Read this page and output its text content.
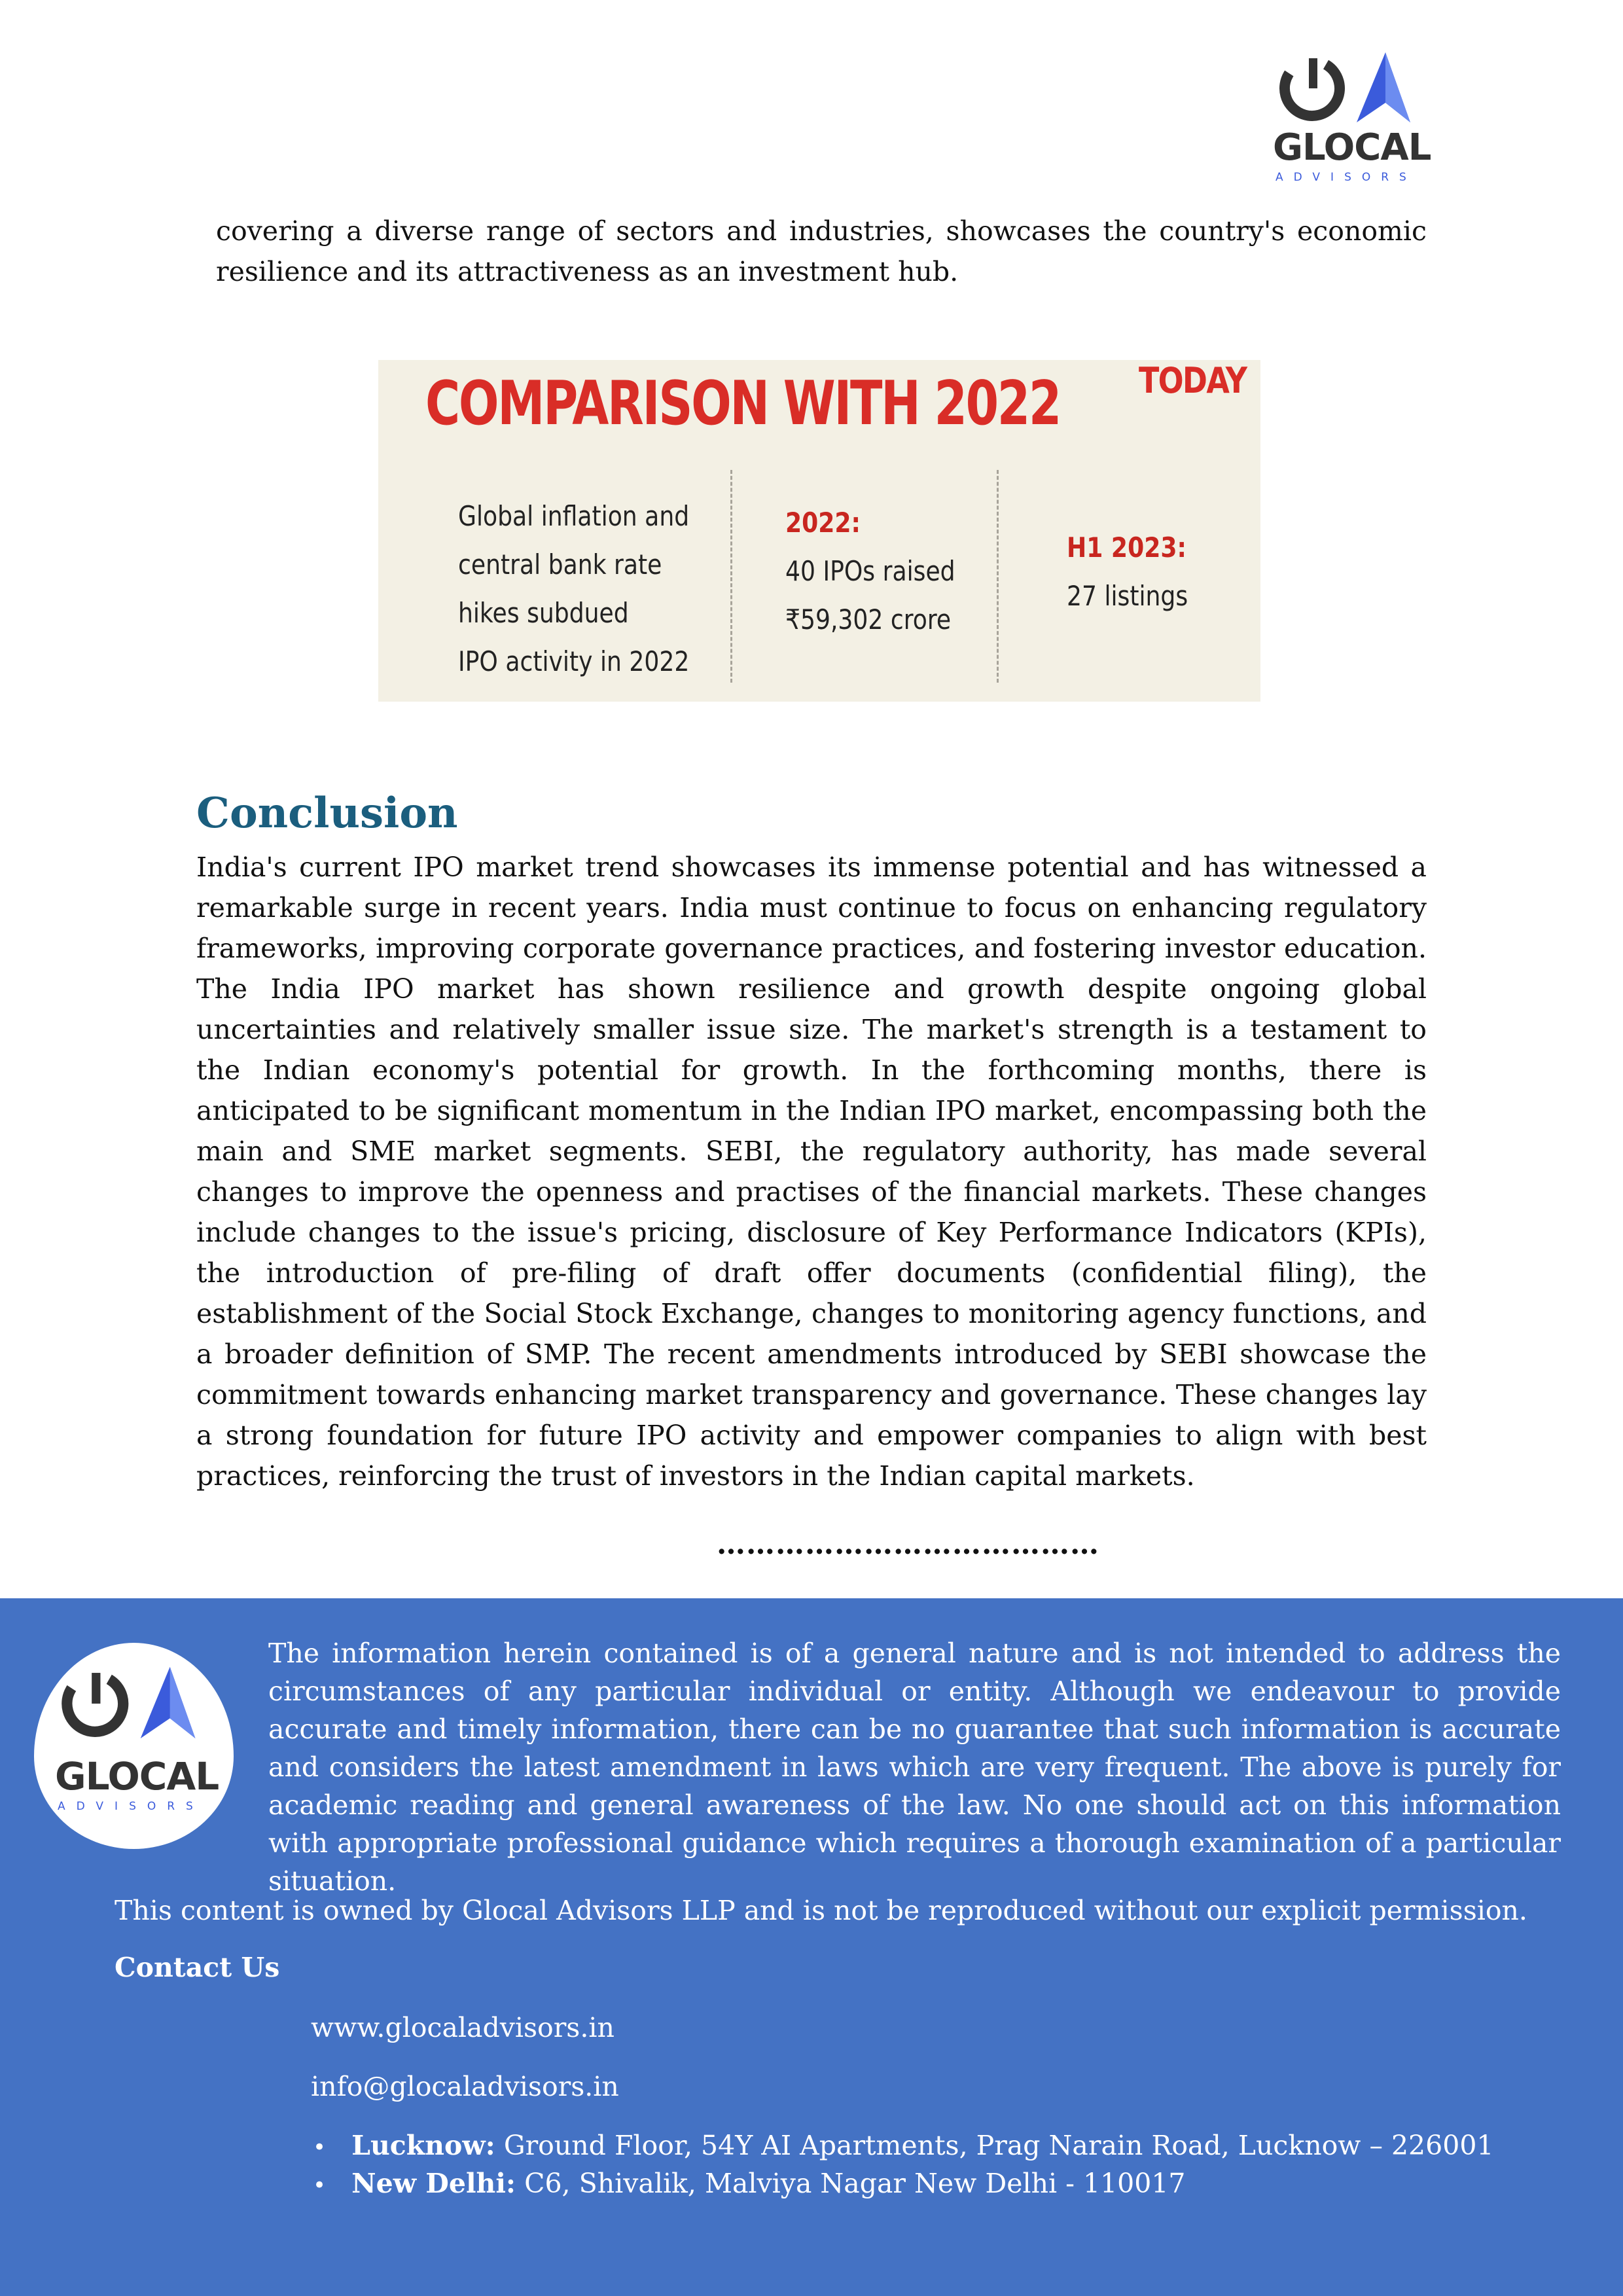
GLOCAL
ADVISORS
covering a diverse range of sectors and industries, showcases the country's economic resilience and its attractiveness as an investment hub.
COMPARISON WITH 2022 TODAY
Global inflation and
central bank rate
hikes subdued
IPO activity in 2022
2022:
40 IPOs raised
₹59,302 crore
H1 2023:
27 listings
Conclusion
India's current IPO market trend showcases its immense potential and has witnessed a remarkable surge in recent years. India must continue to focus on enhancing regulatory frameworks, improving corporate governance practices, and fostering investor education. The India IPO market has shown resilience and growth despite ongoing global uncertainties and relatively smaller issue size. The market's strength is a testament to the Indian economy's potential for growth. In the forthcoming months, there is anticipated to be significant momentum in the Indian IPO market, encompassing both the main and SME market segments. SEBI, the regulatory authority, has made several changes to improve the openness and practises of the financial markets. These changes include changes to the issue's pricing, disclosure of Key Performance Indicators (KPIs), the introduction of pre-filing of draft offer documents (confidential filing), the establishment of the Social Stock Exchange, changes to monitoring agency functions, and a broader definition of SMP. The recent amendments introduced by SEBI showcase the commitment towards enhancing market transparency and governance. These changes lay a strong foundation for future IPO activity and empower companies to align with best practices, reinforcing the trust of investors in the Indian capital markets.
…………………………………
GLOCAL
ADVISORS
The information herein contained is of a general nature and is not intended to address the circumstances of any particular individual or entity. Although we endeavour to provide accurate and timely information, there can be no guarantee that such information is accurate and considers the latest amendment in laws which are very frequent. The above is purely for academic reading and general awareness of the law. No one should act on this information with appropriate professional guidance which requires a thorough examination of a particular situation.
This content is owned by Glocal Advisors LLP and is not be reproduced without our explicit permission.
Contact Us
www.glocaladvisors.in
info@glocaladvisors.in
• Lucknow: Ground Floor, 54Y AI Apartments, Prag Narain Road, Lucknow – 226001
• New Delhi: C6, Shivalik, Malviya Nagar New Delhi - 110017
